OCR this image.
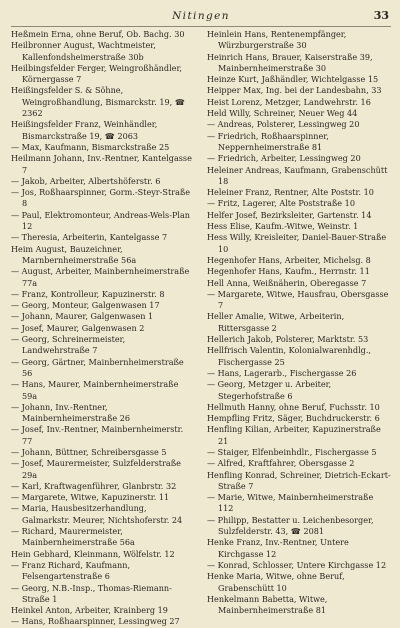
Nitingen	33

Heßmein Erna, ohne Beruf, Ob. Bachg. 30

Heilbronner August, Wachtmeister, Kallenfondsheimerstraße 30b

Heilbingsfelder Ferger, Weingroßhändler, Körnergasse 7

Heißingsfelder S. & Söhne, Weingroßhandlung, Bismarckstr. 19, ☎ 2362

Heißingsfelder Franz, Weinhändler, Bismarckstraße 19, ☎ 2063

— Max, Kaufmann, Bismarckstraße 25

Heilmann Johann, Inv.-Rentner, Kantelgasse 7

— Jakob, Arbeiter, Albertshöferstr. 6

— Jos, Roßhaarspinner, Gorm.-Steyr-Straße 8

— Paul, Elektromonteur, Andreas-Wels-Plan 12

— Theresia, Arbeiterin, Kantelgasse 7

Heim August, Bauzeichner, Marnbernheimerstraße 56a

— August, Arbeiter, Mainbernheimerstraße 77a

— Franz, Kontrolleur, Kapuzinerstr. 8

— Georg, Monteur, Galgenwasen 17

— Johann, Maurer, Galgenwasen 1

— Josef, Maurer, Galgenwasen 2

— Georg, Schreinermeister, Landwehrstraße 7

— Georg, Gärtner, Mainbernheimerstraße 56

— Hans, Maurer, Mainbernheimerstraße 59a

— Johann, Inv.-Rentner, Mainbernheimerstraße 26

— Josef, Inv.-Rentner, Mainbernheimerstr. 77

— Johann, Büttner, Schreibersgasse 5

— Josef, Maurermeister, Sulzfelderstraße 29a

— Karl, Kraftwagenführer, Glanbrstr. 32

— Margarete, Witwe, Kapuzinerstr. 11

— Maria, Hausbesitzerhandlung, Galmarkstr. Meurer, Nichtshoferstr. 24

— Richard, Maurermeister, Mainbernheimerstraße 56a

Hein Gebhard, Kleinmann, Wölfelstr. 12

— Franz Richard, Kaufmann, Felsengartenstraße 6

— Georg, N.B.-Insp., Thomas-Riemann-Straße 1

Heinkel Anton, Arbeiter, Krainberg 19

— Hans, Roßhaarspinner, Lessingweg 27

Heinlein Hans, Rentenempfänger, Würzburgerstraße 30

Heinrich Hans, Brauer, Kaiserstraße 39, Mainbernheimerstraße 30

Heinze Kurt, Jaßhändler, Wichtelgasse 15

Heipper Max, Ing. bei der Landesbahn, 33

Heist Lorenz, Metzger, Landwehrstr. 16

Held Willy, Schreiner, Neuer Weg 44

— Andreas, Polsterer, Lessingweg 20

— Friedrich, Roßhaarspinner, Neppernheimerstraße 81

— Friedrich, Arbeiter, Lessingweg 20

Heleiner Andreas, Kaufmann, Grabenschütt 18

Heleiner Franz, Rentner, Alte Poststr. 10

— Fritz, Lagerer, Alte Poststraße 10

Helfer Josef, Bezirksleiter, Gartenstr. 14

Hess Elise, Kaufm.-Witwe, Weinstr. 1

Hess Willy, Kreisleiter, Daniel-Bauer-Straße 10

Hegenhofer Hans, Arbeiter, Michelsg. 8

Hegenhofer Hans, Kaufm., Herrnstr. 11

Hell Anna, Weißnäherin, Oberegasse 7

— Margarete, Witwe, Hausfrau, Obersgasse 7

Heller Amalie, Witwe, Arbeiterin, Rittersgasse 2

Hellerich Jakob, Polsterer, Marktstr. 53

Hellfrisch Valentin, Kolonialwarenhdlg., Fischergasse 25

— Hans, Lagerarb., Fischergasse 26

— Georg, Metzger u. Arbeiter, Stegerhofstraße 6

Hellmuth Hanny, ohne Beruf, Fuchsstr. 10

Hempfling Fritz, Säger, Buchdruckerstr. 6

Henfling Kilian, Arbeiter, Kapuzinerstraße 21

— Staiger, Elfenbeinhdlr., Fischergasse 5

— Alfred, Kraftfahrer, Obersgasse 2

Henfling Konrad, Schreiner, Dietrich-Eckart-Straße 7

— Marie, Witwe, Mainbernheimerstraße 112

— Philipp, Bestatter u. Leichenbesorger, Sulzfelderstr. 43, ☎ 2081

Henke Franz, Inv.-Rentner, Untere Kirchgasse 12

— Konrad, Schlosser, Untere Kirchgasse 12

Henke Maria, Witwe, ohne Beruf, Grabenschütt 10

Henkelmann Babetta, Witwe, Mainbernheimerstraße 81
